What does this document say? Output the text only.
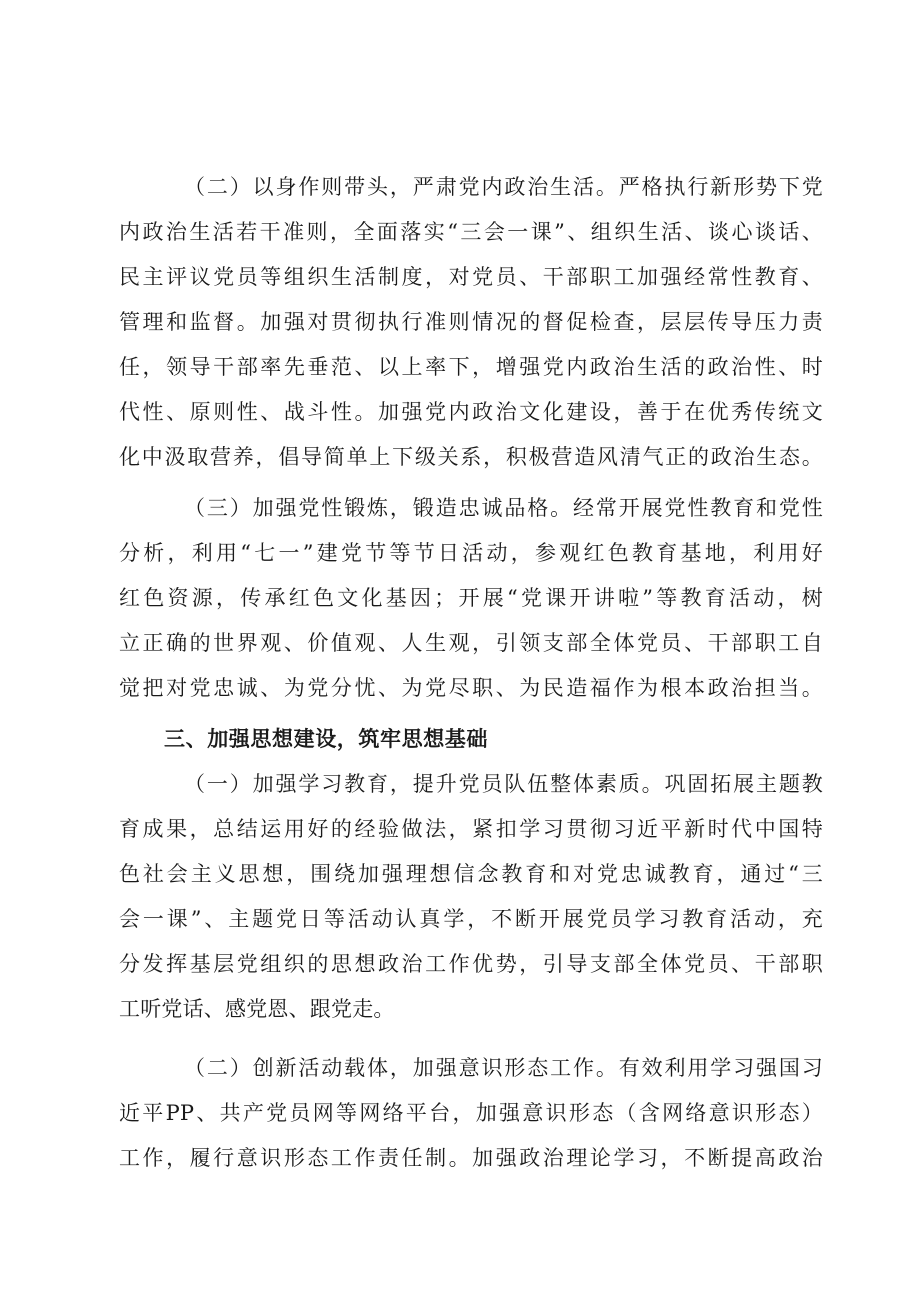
（二）以身作则带头，严肃党内政治生活。严格执行新形势下党
内政治生活若干准则，全面落实“三会一课”、组织生活、谈心谈话、
民主评议党员等组织生活制度，对党员、干部职工加强经常性教育、
管理和监督。加强对贯彻执行准则情况的督促检查，层层传导压力责
任，领导干部率先垂范、以上率下，增强党内政治生活的政治性、时
代性、原则性、战斗性。加强党内政治文化建设，善于在优秀传统文
化中汲取营养，倡导简单上下级关系，积极营造风清气正的政治生态。
（三）加强党性锻炼，锻造忠诚品格。经常开展党性教育和党性
分析，利用“七一”建党节等节日活动，参观红色教育基地，利用好
红色资源，传承红色文化基因；开展“党课开讲啦”等教育活动，树
立正确的世界观、价值观、人生观，引领支部全体党员、干部职工自
觉把对党忠诚、为党分忧、为党尽职、为民造福作为根本政治担当。
三、加强思想建设，筑牢思想基础
（一）加强学习教育，提升党员队伍整体素质。巩固拓展主题教
育成果，总结运用好的经验做法，紧扣学习贯彻习近平新时代中国特
色社会主义思想，围绕加强理想信念教育和对党忠诚教育，通过“三
会一课”、主题党日等活动认真学，不断开展党员学习教育活动，充
分发挥基层党组织的思想政治工作优势，引导支部全体党员、干部职
工听党话、感党恩、跟党走。
（二）创新活动载体，加强意识形态工作。有效利用学习强国习
近平PP、共产党员网等网络平台，加强意识形态（含网络意识形态）
工作，履行意识形态工作责任制。加强政治理论学习，不断提高政治
